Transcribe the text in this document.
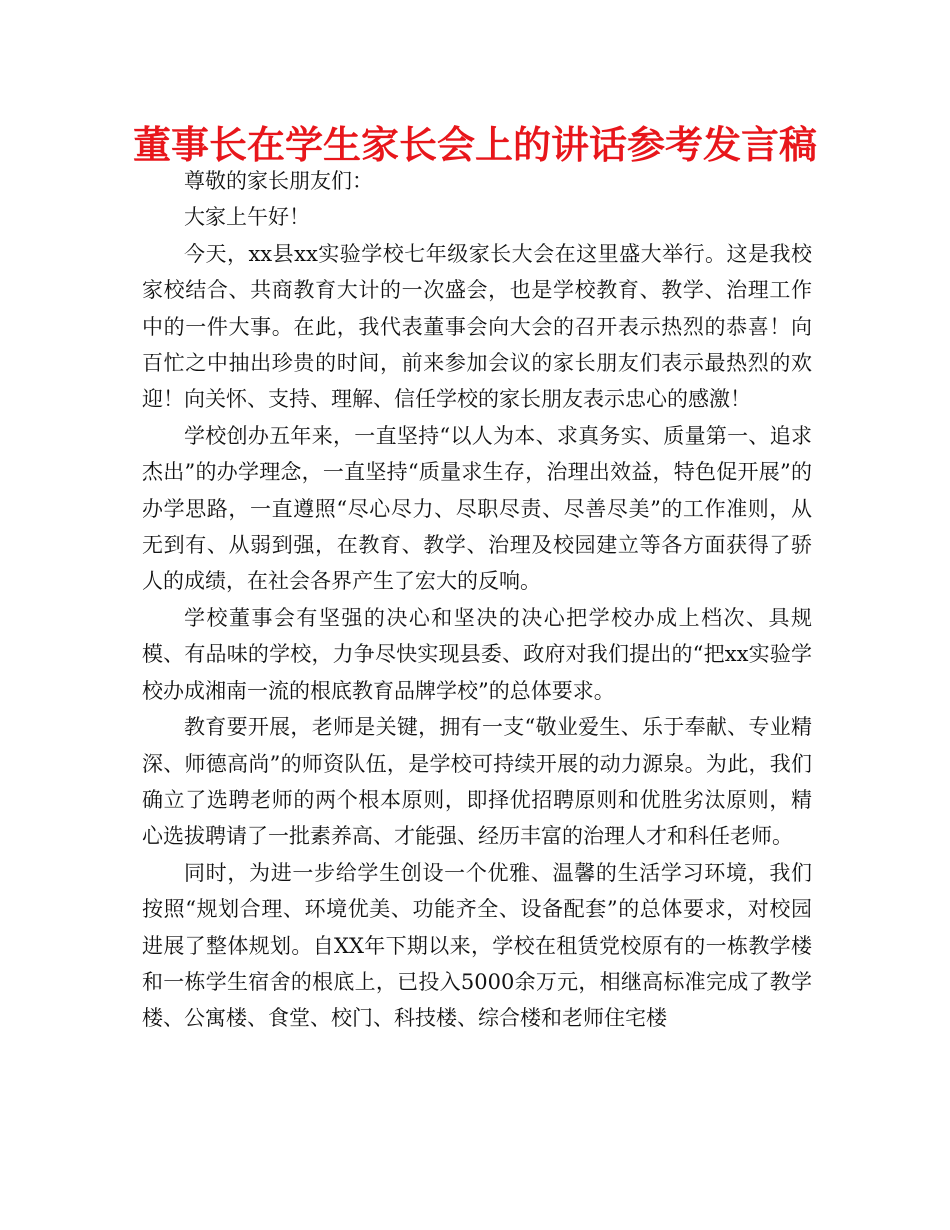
董事长在学生家长会上的讲话参考发言稿

尊敬的家长朋友们：

大家上午好！

今天，xx县xx实验学校七年级家长大会在这里盛大举行。这是我校家校结合、共商教育大计的一次盛会，也是学校教育、教学、治理工作中的一件大事。在此，我代表董事会向大会的召开表示热烈的恭喜！向百忙之中抽出珍贵的时间，前来参加会议的家长朋友们表示最热烈的欢迎！向关怀、支持、理解、信任学校的家长朋友表示忠心的感激！

学校创办五年来，一直坚持“以人为本、求真务实、质量第一、追求杰出”的办学理念，一直坚持“质量求生存，治理出效益，特色促开展”的办学思路，一直遵照“尽心尽力、尽职尽责、尽善尽美”的工作准则，从无到有、从弱到强，在教育、教学、治理及校园建立等各方面获得了骄人的成绩，在社会各界产生了宏大的反响。

学校董事会有坚强的决心和坚决的决心把学校办成上档次、具规模、有品味的学校，力争尽快实现县委、政府对我们提出的“把xx实验学校办成湘南一流的根底教育品牌学校”的总体要求。

教育要开展，老师是关键，拥有一支“敬业爱生、乐于奉献、专业精深、师德高尚”的师资队伍，是学校可持续开展的动力源泉。为此，我们确立了选聘老师的两个根本原则，即择优招聘原则和优胜劣汰原则，精心选拔聘请了一批素养高、才能强、经历丰富的治理人才和科任老师。

同时，为进一步给学生创设一个优雅、温馨的生活学习环境，我们按照“规划合理、环境优美、功能齐全、设备配套”的总体要求，对校园进展了整体规划。自XX年下期以来，学校在租赁党校原有的一栋教学楼和一栋学生宿舍的根底上，已投入5000余万元，相继高标准完成了教学楼、公寓楼、食堂、校门、科技楼、综合楼和老师住宅楼
